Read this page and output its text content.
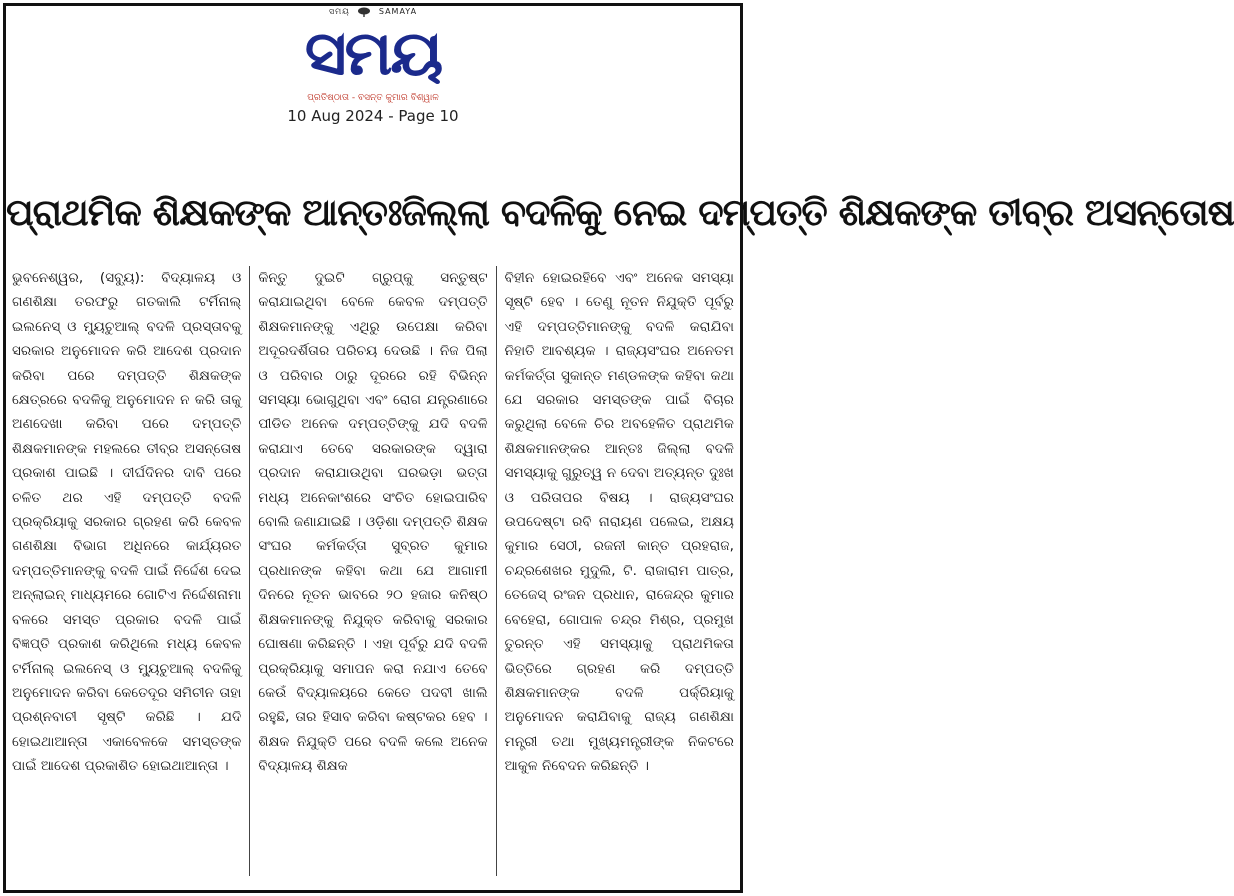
ସମୟ	SAMAYA
ସମୟ
ପ୍ରତିଷ୍ଠାତା - ବସନ୍ତ କୁମାର ବିଶ୍ୱାଳ
10 Aug 2024 - Page 10
ପ୍ରାଥମିକ ଶିକ୍ଷକଙ୍କ ଆନ୍ତଃଜିଲ୍ଲା ବଦଳିକୁ ନେଇ ଦମ୍ପତ୍ତି ଶିକ୍ଷକଙ୍କ ତୀବ୍ର ଅସନ୍ତୋଷ

ଭୁବନେଶ୍ୱର, (ସବ୍ୟୁ): ବିଦ୍ୟାଳୟ ଓ ଗଣଶିକ୍ଷା ତରଫରୁ ଗତକାଲି ଟର୍ମିନାଲ୍ ଇଲନେସ୍ ଓ ମ୍ୟୁଚୁଆଲ୍ ବଦଳି ପ୍ରସ୍ତାବକୁ ସରକାର ଅନୁମୋଦନ କରି ଆଦେଶ ପ୍ରଦାନ କରିବା ପରେ ଦମ୍ପତ୍ତି ଶିକ୍ଷକଙ୍କ କ୍ଷେତ୍ରରେ ବଦଳିକୁ ଅନୁମୋଦନ ନ କରି ତାକୁ ଅଣଦେଖା କରିବା ପରେ ଦମ୍ପତ୍ତି ଶିକ୍ଷକମାନଙ୍କ ମହଲରେ ତୀବ୍ର ଅସନ୍ତୋଷ ପ୍ରକାଶ ପାଇଛି । ଦୀର୍ଘଦିନର ଦାବି ପରେ ଚଳିତ ଥର ଏହି ଦମ୍ପତ୍ତି ବଦଳି ପ୍ରକ୍ରିୟାକୁ ସରକାର ଗ୍ରହଣ କରି କେବଳ ଗଣଶିକ୍ଷା ବିଭାଗ ଅଧିନରେ କାର୍ଯ୍ୟରତ ଦମ୍ପତ୍ତିମାନଙ୍କୁ ବଦଳି ପାଇଁ ନିର୍ଦ୍ଦେଶ ଦେଇ ଅନ୍‌ଲାଇନ୍ ମାଧ୍ୟମରେ ଗୋଟିଏ ନିର୍ଦ୍ଦେଶନାମା ବଳରେ ସମସ୍ତ ପ୍ରକାର ବଦଳି ପାଇଁ ବିଜ୍ଞପ୍ତି ପ୍ରକାଶ କରିଥିଲେ ମଧ୍ୟ କେବଳ ଟର୍ମିନାଲ୍ ଇଲନେସ୍ ଓ ମ୍ୟୁଚୁଆଲ୍ ବଦଳିକୁ ଅନୁମୋଦନ କରିବା କେତେଦୂର ସମିଚୀନ ତାହା ପ୍ରଶ୍ନବାଚୀ ସୃଷ୍ଟି କରିଛି । ଯଦି ହୋଇଥାଆନ୍ତା ଏକାବେଳକେ ସମସ୍ତଙ୍କ ପାଇଁ ଆଦେଶ ପ୍ରକାଶିତ ହୋଇଥାଆନ୍ତା ।

କିନ୍ତୁ ଦୁଇଟି ଗ୍ରୁପ୍‌କୁ ସନ୍ତୁଷ୍ଟ କରାଯାଇଥିବା ବେଳେ କେବଳ ଦମ୍ପତ୍ତି ଶିକ୍ଷକମାନଙ୍କୁ ଏଥିରୁ ଉପେକ୍ଷା କରିବା ଅଦୂରଦର୍ଶିତାର ପରିଚୟ ଦେଉଛି । ନିଜ ପିଲା ଓ ପରିବାର ଠାରୁ ଦୂରରେ ରହି ବିଭିନ୍ନ ସମସ୍ୟା ଭୋଗୁଥିବା ଏବଂ ରୋଗ ଯନ୍ତ୍ରଣାରେ ପୀଡିତ ଅନେକ ଦମ୍ପତ୍ତିଙ୍କୁ ଯଦି ବଦଳି କରାଯାଏ ତେବେ ସରକାରଙ୍କ ଦ୍ୱାରା ପ୍ରଦାନ କରାଯାଉଥିବା ଘରଭଡ଼ା ଭତ୍ତା ମଧ୍ୟ ଅନେକାଂଶରେ ସଂଚିତ ହୋଇପାରିବ ବୋଲି ଜଣାଯାଇଛି । ଓଡ଼ିଶା ଦମ୍ପତ୍ତି ଶିକ୍ଷକ ସଂଘର କର୍ମକର୍ତ୍ତା ସୁବ୍ରତ କୁମାର ପ୍ରଧାନଙ୍କ କହିବା କଥା ଯେ ଆଗାମୀ ଦିନରେ ନୂତନ ଭାବରେ ୨୦ ହଜାର କନିଷ୍ଠ ଶିକ୍ଷକମାନଙ୍କୁ ନିଯୁକ୍ତ କରିବାକୁ ସରକାର ଘୋଷଣା କରିଛନ୍ତି । ଏହା ପୂର୍ବରୁ ଯଦି ବଦଳି ପ୍ରକ୍ରିୟାକୁ ସମାପନ କରା ନଯାଏ ତେବେ କେଉଁ ବିଦ୍ୟାଳୟରେ କେତେ ପଦବୀ ଖାଲି ରହୁଛି, ତାର ହିସାବ କରିବା କଷ୍ଟକର ହେବ । ଶିକ୍ଷକ ନିଯୁକ୍ତି ପରେ ବଦଳି କଲେ ଅନେକ ବିଦ୍ୟାଳୟ ଶିକ୍ଷକ

ବିହୀନ ହୋଇରହିବେ ଏବଂ ଅନେକ ସମସ୍ୟା ସୃଷ୍ଟି ହେବ । ତେଣୁ ନୂତନ ନିଯୁକ୍ତି ପୂର୍ବରୁ ଏହି ଦମ୍ପତ୍ତିମାନଙ୍କୁ ବଦଳି କରାଯିବା ନିହାତି ଆବଶ୍ୟକ । ରାଜ୍ୟସଂଘର ଅନେତମ କର୍ମକର୍ତ୍ତା ସୁକାନ୍ତ ମଣ୍ଡଳଙ୍କ କହିବା କଥା ଯେ ସରକାର ସମସ୍ତଙ୍କ ପାଇଁ ବିଚାର କରୁଥିଲା ବେଳେ ଚିର ଅବହେଳିତ ପ୍ରାଥମିକ ଶିକ୍ଷକମାନଙ୍କର ଆନ୍ତଃ ଜିଲ୍ଲା ବଦଳି ସମସ୍ୟାକୁ ଗୁରୁତ୍ୱ ନ ଦେବା ଅତ୍ୟନ୍ତ ଦୁଃଖ ଓ ପରିତାପର ବିଷୟ । ରାଜ୍ୟସଂଘର ଉପଦେଷ୍ଟା ରବି ନାରାୟଣ ପଲେଇ, ଅକ୍ଷୟ କୁମାର ସେଠୀ, ରଜନୀ କାନ୍ତ ପ୍ରହରାଜ, ଚନ୍ଦ୍ରଶେଖର ମୁଦୁଲି, ଟି. ରାଜାରାମ ପାତ୍ର, ତେଜେସ୍ ରଂଜନ ପ୍ରଧାନ, ରାଜେନ୍ଦ୍ର କୁମାର ବେହେରା, ଗୋପାଳ ଚନ୍ଦ୍ର ମିଶ୍ର, ପ୍ରମୁଖ ତୁରନ୍ତ ଏହି ସମସ୍ୟାକୁ ପ୍ରାଥମିକତା ଭିତ୍ତିରେ ଗ୍ରହଣ କରି ଦମ୍ପତ୍ତି ଶିକ୍ଷକମାନଙ୍କ ବଦଳି ପର୍କ୍ରିୟାକୁ ଅନୁମୋଦନ କରାଯିବାକୁ ରାଜ୍ୟ ଗଣଶିକ୍ଷା ମନ୍ତ୍ରୀ ତଥା ମୁଖ୍ୟମନ୍ତ୍ରୀଙ୍କ ନିକଟରେ ଆକୁଳ ନିବେଦନ କରିଛନ୍ତି ।
